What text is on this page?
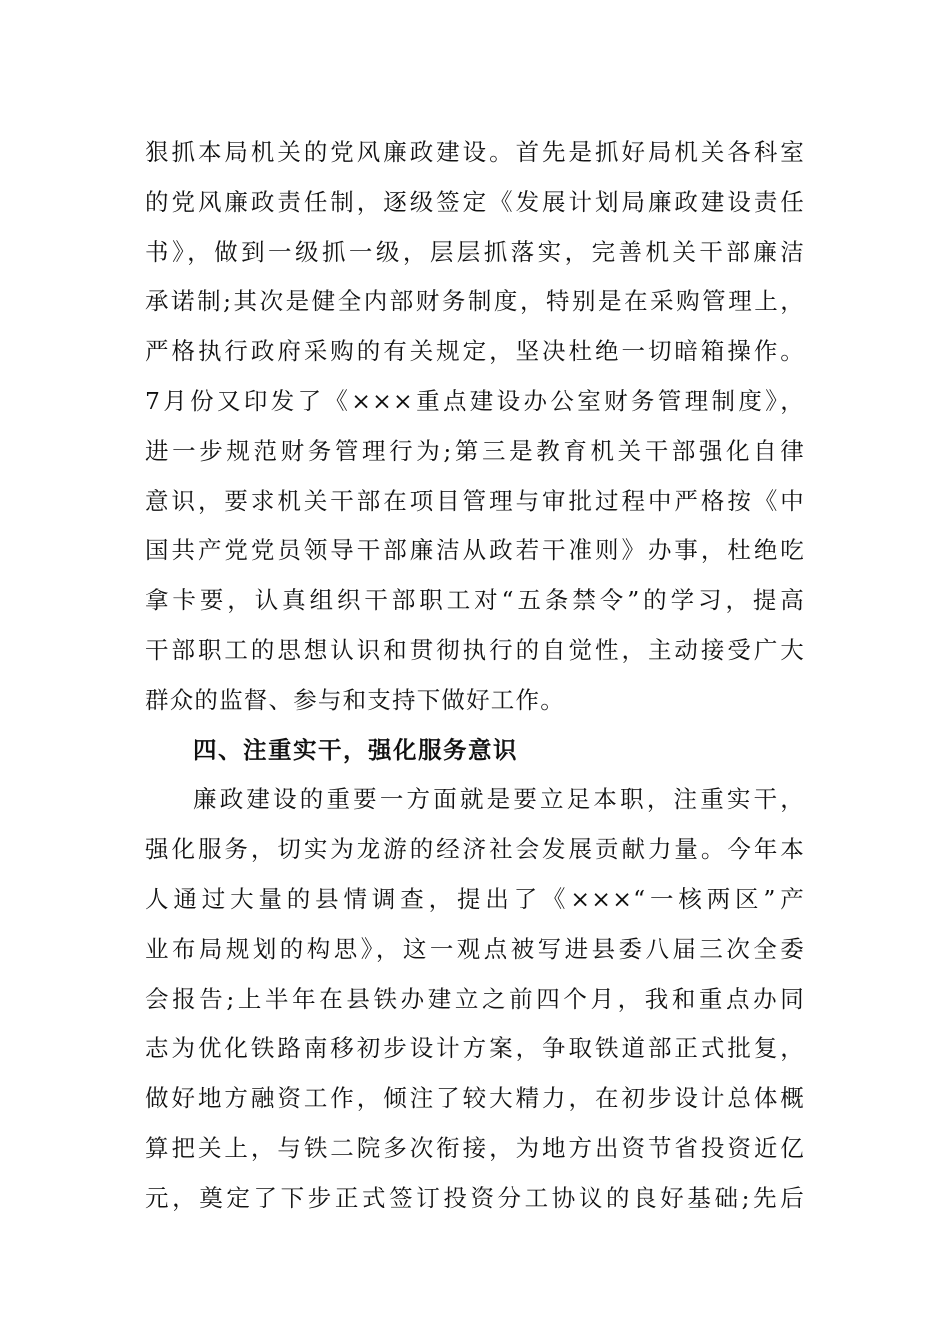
狠抓本局机关的党风廉政建设。首先是抓好局机关各科室
的党风廉政责任制，逐级签定《发展计划局廉政建设责任
书》，做到一级抓一级，层层抓落实，完善机关干部廉洁
承诺制;其次是健全内部财务制度，特别是在采购管理上，
严格执行政府采购的有关规定，坚决杜绝一切暗箱操作。
7月份又印发了《×××重点建设办公室财务管理制度》，
进一步规范财务管理行为;第三是教育机关干部强化自律
意识，要求机关干部在项目管理与审批过程中严格按《中
国共产党党员领导干部廉洁从政若干准则》办事，杜绝吃
拿卡要，认真组织干部职工对“五条禁令”的学习，提高
干部职工的思想认识和贯彻执行的自觉性，主动接受广大
群众的监督、参与和支持下做好工作。
四、注重实干，强化服务意识
廉政建设的重要一方面就是要立足本职，注重实干，
强化服务，切实为龙游的经济社会发展贡献力量。今年本
人通过大量的县情调查，提出了《×××“一核两区”产
业布局规划的构思》，这一观点被写进县委八届三次全委
会报告;上半年在县铁办建立之前四个月，我和重点办同
志为优化铁路南移初步设计方案，争取铁道部正式批复，
做好地方融资工作，倾注了较大精力，在初步设计总体概
算把关上，与铁二院多次衔接，为地方出资节省投资近亿
元，奠定了下步正式签订投资分工协议的良好基础;先后
